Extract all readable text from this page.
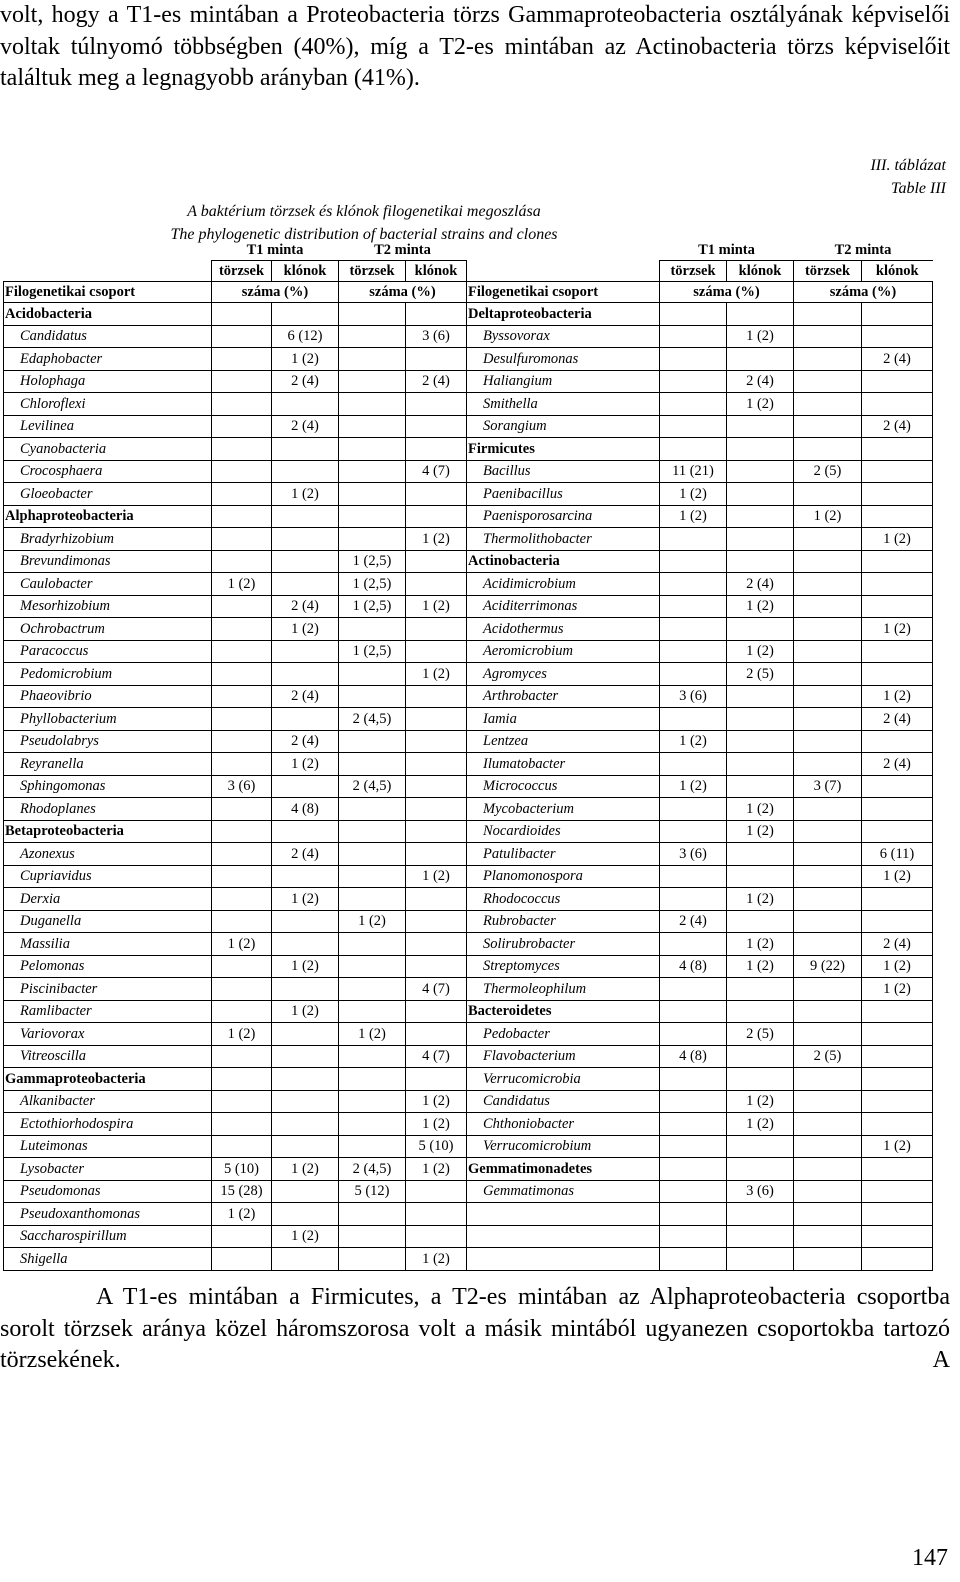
volt, hogy a T1-es mintában a Proteobacteria törzs Gammaproteobacteria osztályának képviselői voltak túlnyomó többségben (40%), míg a T2-es mintában az Actinobacteria törzs képviselőit találtuk meg a legnagyobb arányban (41%).
III. táblázat
Table III
A baktérium törzsek és klónok filogenetikai megoszlása
The phylogenetic distribution of bacterial strains and clones
	T1 minta		T2 minta			T1 minta		T2 minta	
	törzsek	klónok	törzsek	klónok		törzsek	klónok	törzsek	klónok
Filogenetikai csoport	száma (%)		száma (%)		Filogenetikai csoport	száma (%)		száma (%)	
Acidobacteria					Deltaproteobacteria				
Candidatus		6 (12)		3 (6)	Byssovorax		1 (2)		
Edaphobacter		1 (2)			Desulfuromonas				2 (4)
Holophaga		2 (4)		2 (4)	Haliangium		2 (4)		
Chloroflexi					Smithella		1 (2)		
Levilinea		2 (4)			Sorangium				2 (4)
Cyanobacteria					Firmicutes				
Crocosphaera				4 (7)	Bacillus	11 (21)		2 (5)	
Gloeobacter		1 (2)			Paenibacillus	1 (2)			
Alphaproteobacteria					Paenisporosarcina	1 (2)		1 (2)	
Bradyrhizobium				1 (2)	Thermolithobacter				1 (2)
Brevundimonas			1 (2,5)		Actinobacteria				
Caulobacter	1 (2)		1 (2,5)		Acidimicrobium		2 (4)		
Mesorhizobium		2 (4)	1 (2,5)	1 (2)	Aciditerrimonas		1 (2)		
Ochrobactrum		1 (2)			Acidothermus				1 (2)
Paracoccus			1 (2,5)		Aeromicrobium		1 (2)		
Pedomicrobium				1 (2)	Agromyces		2 (5)		
Phaeovibrio		2 (4)			Arthrobacter	3 (6)			1 (2)
Phyllobacterium			2 (4,5)		Iamia				2 (4)
Pseudolabrys		2 (4)			Lentzea	1 (2)			
Reyranella		1 (2)			Ilumatobacter				2 (4)
Sphingomonas	3 (6)		2 (4,5)		Micrococcus	1 (2)		3 (7)	
Rhodoplanes		4 (8)			Mycobacterium		1 (2)		
Betaproteobacteria					Nocardioides		1 (2)		
Azonexus		2 (4)			Patulibacter	3 (6)			6 (11)
Cupriavidus				1 (2)	Planomonospora				1 (2)
Derxia		1 (2)			Rhodococcus		1 (2)		
Duganella			1 (2)		Rubrobacter	2 (4)			
Massilia	1 (2)				Solirubrobacter		1 (2)		2 (4)
Pelomonas		1 (2)			Streptomyces	4 (8)	1 (2)	9 (22)	1 (2)
Piscinibacter				4 (7)	Thermoleophilum				1 (2)
Ramlibacter		1 (2)			Bacteroidetes				
Variovorax	1 (2)		1 (2)		Pedobacter		2 (5)		
Vitreoscilla				4 (7)	Flavobacterium	4 (8)		2 (5)	
Gammaproteobacteria					Verrucomicrobia				
Alkanibacter				1 (2)	Candidatus		1 (2)		
Ectothiorhodospira				1 (2)	Chthoniobacter		1 (2)		
Luteimonas				5 (10)	Verrucomicrobium				1 (2)
Lysobacter	5 (10)	1 (2)	2 (4,5)	1 (2)	Gemmatimonadetes				
Pseudomonas	15 (28)		5 (12)		Gemmatimonas		3 (6)		
Pseudoxanthomonas	1 (2)								
Saccharospirillum		1 (2)							
Shigella				1 (2)					
A T1-es mintában a Firmicutes, a T2-es mintában az Alphaproteobacteria csoportba sorolt törzsek aránya közel háromszorosa volt a másik mintából ugyanezen csoportokba tartozó törzsekének. A
147
